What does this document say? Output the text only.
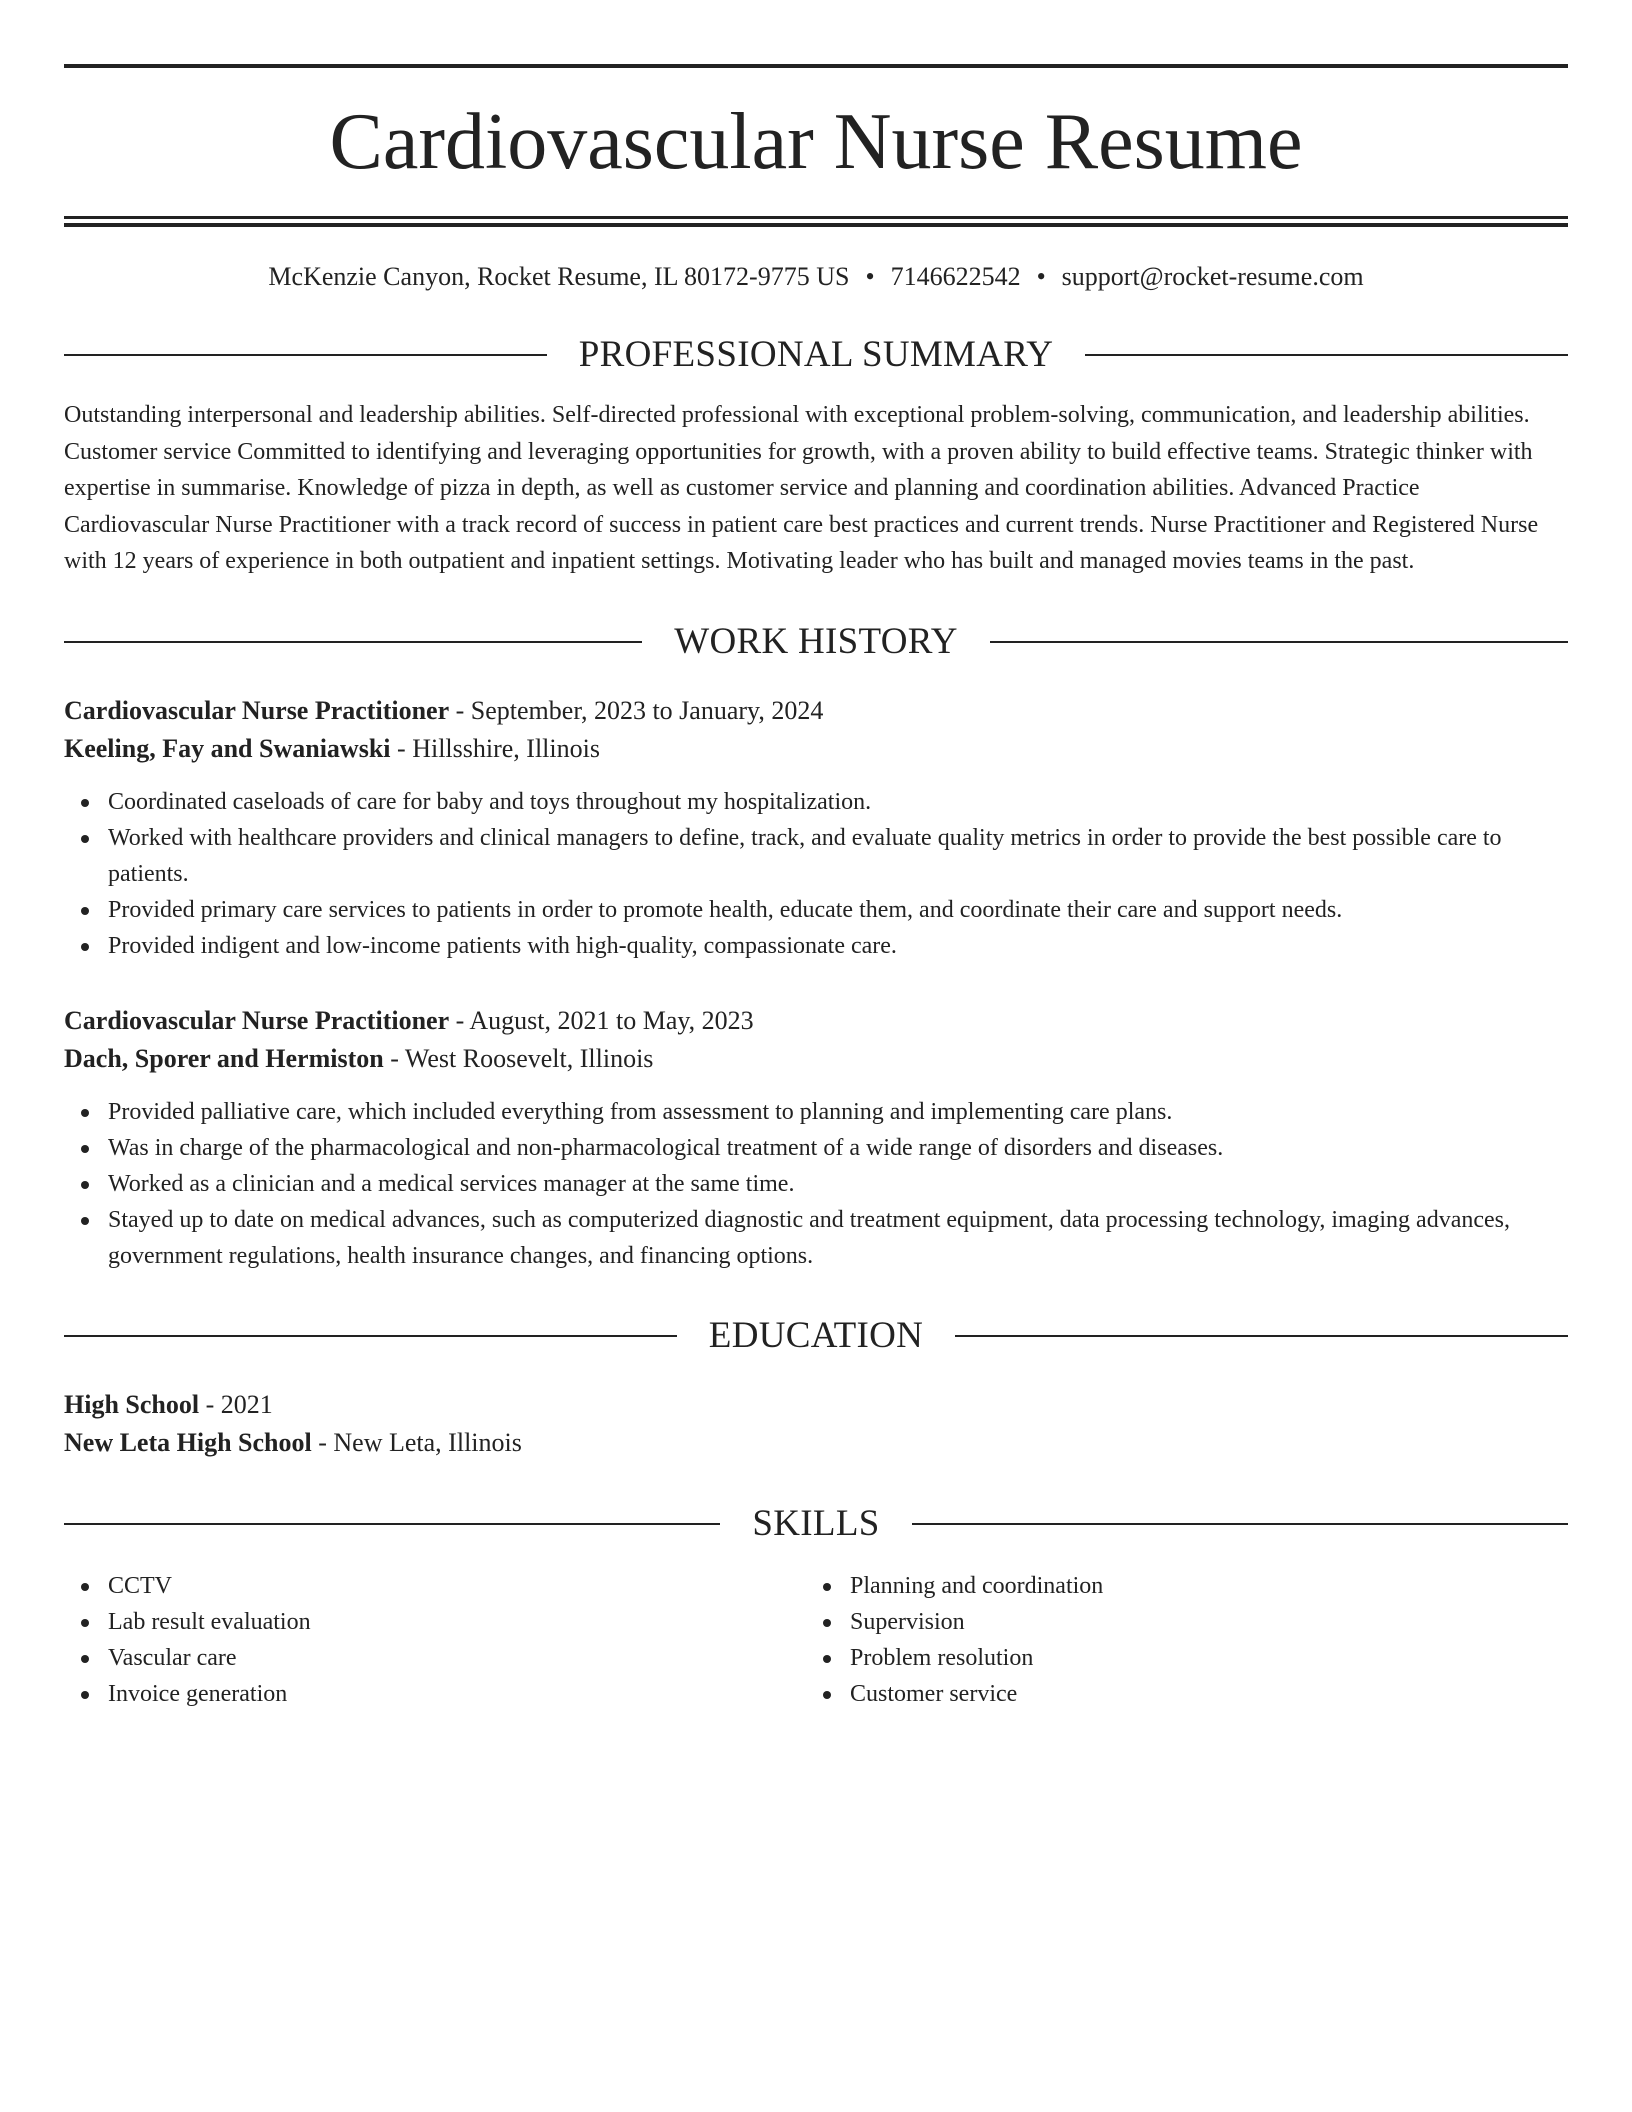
Cardiovascular Nurse Resume
McKenzie Canyon, Rocket Resume, IL 80172-9775 US • 7146622542 • support@rocket-resume.com
PROFESSIONAL SUMMARY

Outstanding interpersonal and leadership abilities. Self-directed professional with exceptional problem-solving, communication, and leadership abilities. Customer service Committed to identifying and leveraging opportunities for growth, with a proven ability to build effective teams. Strategic thinker with expertise in summarise. Knowledge of pizza in depth, as well as customer service and planning and coordination abilities. Advanced Practice Cardiovascular Nurse Practitioner with a track record of success in patient care best practices and current trends. Nurse Practitioner and Registered Nurse with 12 years of experience in both outpatient and inpatient settings. Motivating leader who has built and managed movies teams in the past.

WORK HISTORY
Cardiovascular Nurse Practitioner - September, 2023 to January, 2024
Keeling, Fay and Swaniawski - Hillsshire, Illinois
Coordinated caseloads of care for baby and toys throughout my hospitalization.
Worked with healthcare providers and clinical managers to define, track, and evaluate quality metrics in order to provide the best possible care to patients.
Provided primary care services to patients in order to promote health, educate them, and coordinate their care and support needs.
Provided indigent and low-income patients with high-quality, compassionate care.
Cardiovascular Nurse Practitioner - August, 2021 to May, 2023
Dach, Sporer and Hermiston - West Roosevelt, Illinois
Provided palliative care, which included everything from assessment to planning and implementing care plans.
Was in charge of the pharmacological and non-pharmacological treatment of a wide range of disorders and diseases.
Worked as a clinician and a medical services manager at the same time.
Stayed up to date on medical advances, such as computerized diagnostic and treatment equipment, data processing technology, imaging advances, government regulations, health insurance changes, and financing options.
EDUCATION
High School - 2021
New Leta High School - New Leta, Illinois
SKILLS
CCTV
Lab result evaluation
Vascular care
Invoice generation
Planning and coordination
Supervision
Problem resolution
Customer service
